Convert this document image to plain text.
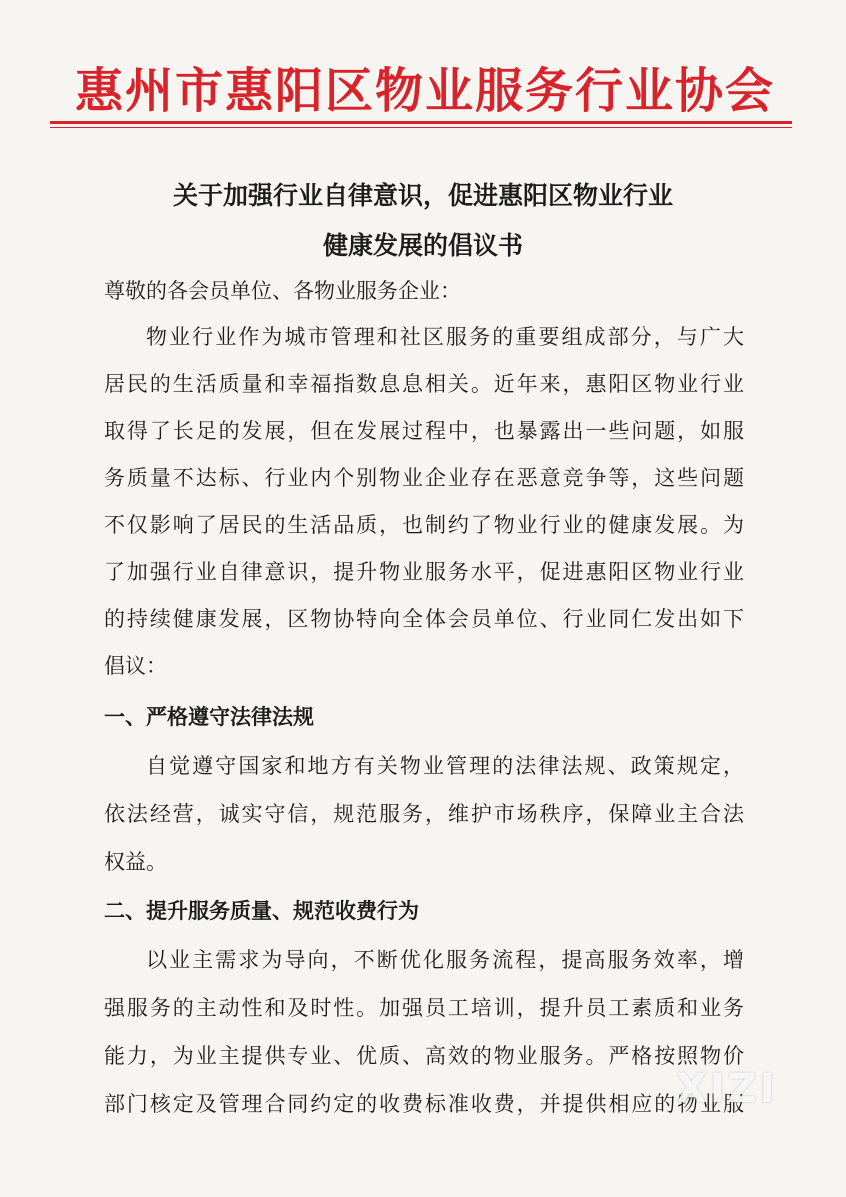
惠州市惠阳区物业服务行业协会
关于加强行业自律意识，促进惠阳区物业行业
健康发展的倡议书
尊敬的各会员单位、各物业服务企业：
物业行业作为城市管理和社区服务的重要组成部分，与广大
居民的生活质量和幸福指数息息相关。近年来，惠阳区物业行业
取得了长足的发展，但在发展过程中，也暴露出一些问题，如服
务质量不达标、行业内个别物业企业存在恶意竞争等，这些问题
不仅影响了居民的生活品质，也制约了物业行业的健康发展。为
了加强行业自律意识，提升物业服务水平，促进惠阳区物业行业
的持续健康发展，区物协特向全体会员单位、行业同仁发出如下
倡议：
一、严格遵守法律法规
自觉遵守国家和地方有关物业管理的法律法规、政策规定，
依法经营，诚实守信，规范服务，维护市场秩序，保障业主合法
权益。
二、提升服务质量、规范收费行为
以业主需求为导向，不断优化服务流程，提高服务效率，增
强服务的主动性和及时性。加强员工培训，提升员工素质和业务
能力，为业主提供专业、优质、高效的物业服务。严格按照物价
部门核定及管理合同约定的收费标准收费，并提供相应的物业服
XIZI
